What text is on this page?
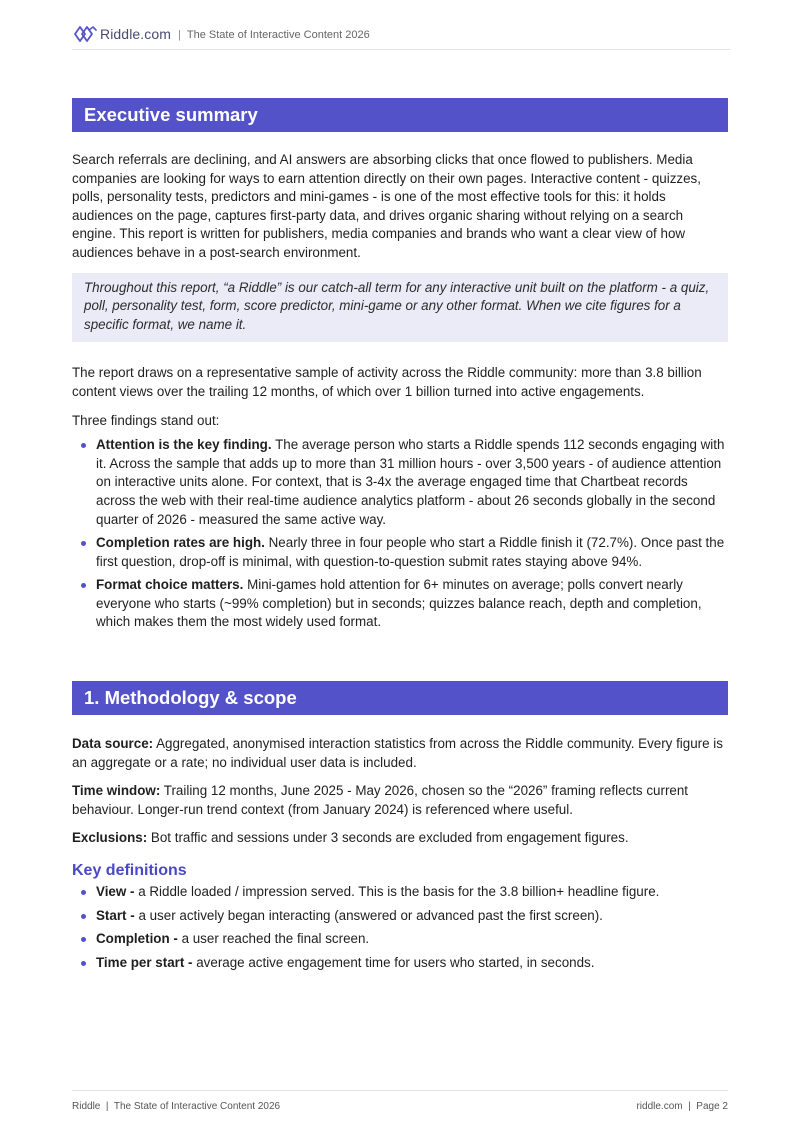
Riddle.com | The State of Interactive Content 2026
Executive summary

Search referrals are declining, and AI answers are absorbing clicks that once flowed to publishers. Media companies are looking for ways to earn attention directly on their own pages. Interactive content - quizzes, polls, personality tests, predictors and mini-games - is one of the most effective tools for this: it holds audiences on the page, captures first-party data, and drives organic sharing without relying on a search engine. This report is written for publishers, media companies and brands who want a clear view of how audiences behave in a post-search environment.

Throughout this report, “a Riddle” is our catch-all term for any interactive unit built on the platform - a quiz, poll, personality test, form, score predictor, mini-game or any other format. When we cite figures for a specific format, we name it.

The report draws on a representative sample of activity across the Riddle community: more than 3.8 billion content views over the trailing 12 months, of which over 1 billion turned into active engagements.

Three findings stand out:

Attention is the key finding. The average person who starts a Riddle spends 112 seconds engaging with it. Across the sample that adds up to more than 31 million hours - over 3,500 years - of audience attention on interactive units alone. For context, that is 3-4x the average engaged time that Chartbeat records across the web with their real-time audience analytics platform - about 26 seconds globally in the second quarter of 2026 - measured the same active way.
Completion rates are high. Nearly three in four people who start a Riddle finish it (72.7%). Once past the first question, drop-off is minimal, with question-to-question submit rates staying above 94%.
Format choice matters. Mini-games hold attention for 6+ minutes on average; polls convert nearly everyone who starts (~99% completion) but in seconds; quizzes balance reach, depth and completion, which makes them the most widely used format.
1. Methodology & scope

Data source: Aggregated, anonymised interaction statistics from across the Riddle community. Every figure is an aggregate or a rate; no individual user data is included.

Time window: Trailing 12 months, June 2025 - May 2026, chosen so the “2026” framing reflects current behaviour. Longer-run trend context (from January 2024) is referenced where useful.

Exclusions: Bot traffic and sessions under 3 seconds are excluded from engagement figures.

Key definitions
View - a Riddle loaded / impression served. This is the basis for the 3.8 billion+ headline figure.
Start - a user actively began interacting (answered or advanced past the first screen).
Completion - a user reached the final screen.
Time per start - average active engagement time for users who started, in seconds.
Riddle  |  The State of Interactive Content 2026	riddle.com  |  Page 2
